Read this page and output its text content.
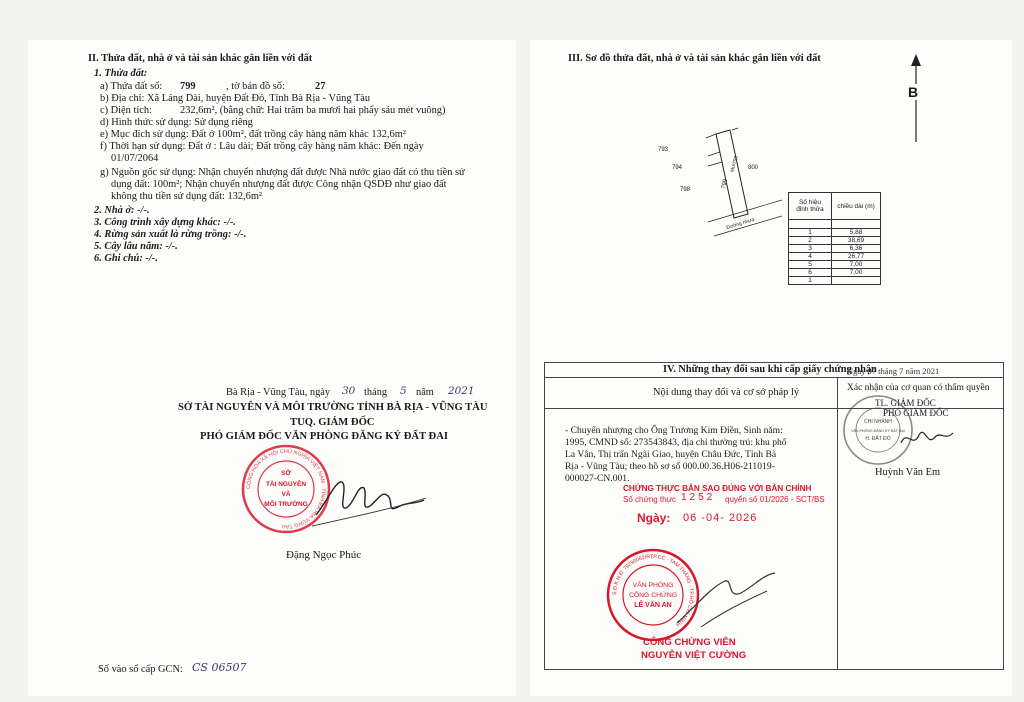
II. Thửa đất, nhà ở và tài sản khác gắn liền với đất
1. Thửa đất:
a) Thửa đất số: 799	, tờ bản đồ số:	27
b) Địa chỉ: Xã Láng Dài, huyện Đất Đỏ, Tỉnh Bà Rịa - Vũng Tàu
c) Diện tích:	232,6m², (bằng chữ: Hai trăm ba mươi hai phẩy sáu mét vuông)
d) Hình thức sử dụng: Sử dụng riêng
e) Mục đích sử dụng: Đất ở 100m², đất trồng cây hàng năm khác 132,6m²
f) Thời hạn sử dụng: Đất ở : Lâu dài; Đất trồng cây hàng năm khác: Đến ngày
01/07/2064
g) Nguồn gốc sử dụng: Nhận chuyển nhượng đất được Nhà nước giao đất có thu tiền sử
dụng đất: 100m²; Nhận chuyển nhượng đất được Công nhận QSDĐ như giao đất
không thu tiền sử dụng đất: 132,6m²
2. Nhà ở: -/-.
3. Công trình xây dựng khác: -/-.
4. Rừng sản xuất là rừng trồng: -/-.
5. Cây lâu năm: -/-.
6. Ghi chú: -/-.
Bà Rịa - Vũng Tàu, ngày 30 tháng 5 năm 2021
SỞ TÀI NGUYÊN VÀ MÔI TRƯỜNG TỈNH BÀ RỊA - VŨNG TÀU
TUQ. GIÁM ĐỐC
PHÓ GIÁM ĐỐC VĂN PHÒNG ĐĂNG KÝ ĐẤT ĐAI
CỘNG HÒA XÃ HỘI CHỦ NGHĨA VIỆT NAM · TỈNH BÀ RỊA-VŨNG TÀU
SỞ
TÀI NGUYÊN
VÀ
MÔI TRƯỜNG
Đặng Ngọc Phúc
Số vào sổ cấp GCN: CS 06507
III. Sơ đồ thửa đất, nhà ở và tài sản khác gắn liền với đất
B
793
794
799
798
800
Mương
Đường nhựa
Số hiệu đỉnh thửa	chiều dài (m)

1	5,88
2	38,69
3	6,36
4	26,77
5	7,00
6	7,00
1	
IV. Những thay đổi sau khi cấp giấy chứng nhận
Nội dung thay đổi và cơ sở pháp lý	Xác nhận của cơ quan có thẩm quyền
- Chuyển nhượng cho Ông Trương Kim Điền, Sinh năm:
1995, CMND số: 273543843, địa chỉ thường trú: khu phố
La Vân, Thị trấn Ngãi Giao, huyện Châu Đức, Tỉnh Bà
Rịa - Vũng Tàu; theo hồ sơ số 000.00.36.H06-211019-
000027-CN.001.
Ngày 07 tháng 7 năm 2021
TL. GIÁM ĐỐC
PHÓ GIÁM ĐỐC
CHI NHÁNH
VĂN PHÒNG ĐĂNG KÝ ĐẤT ĐAI
H. ĐẤT ĐỎ
Huỳnh Văn Em
CHỨNG THỰC BẢN SAO ĐÚNG VỚI BẢN CHÍNH
Số chứng thực 1252 quyển số 01/2026 - SCT/BS
Ngày: 06 -04- 2026
S.Đ.K.H.Đ: 79290062/RTP.CC · TAM THẮNG - TP.HỒ CHÍ MINH
VĂN PHÒNG
CÔNG CHỨNG
LÊ VĂN AN
CÔNG CHỨNG VIÊN
NGUYỄN VIỆT CƯỜNG
